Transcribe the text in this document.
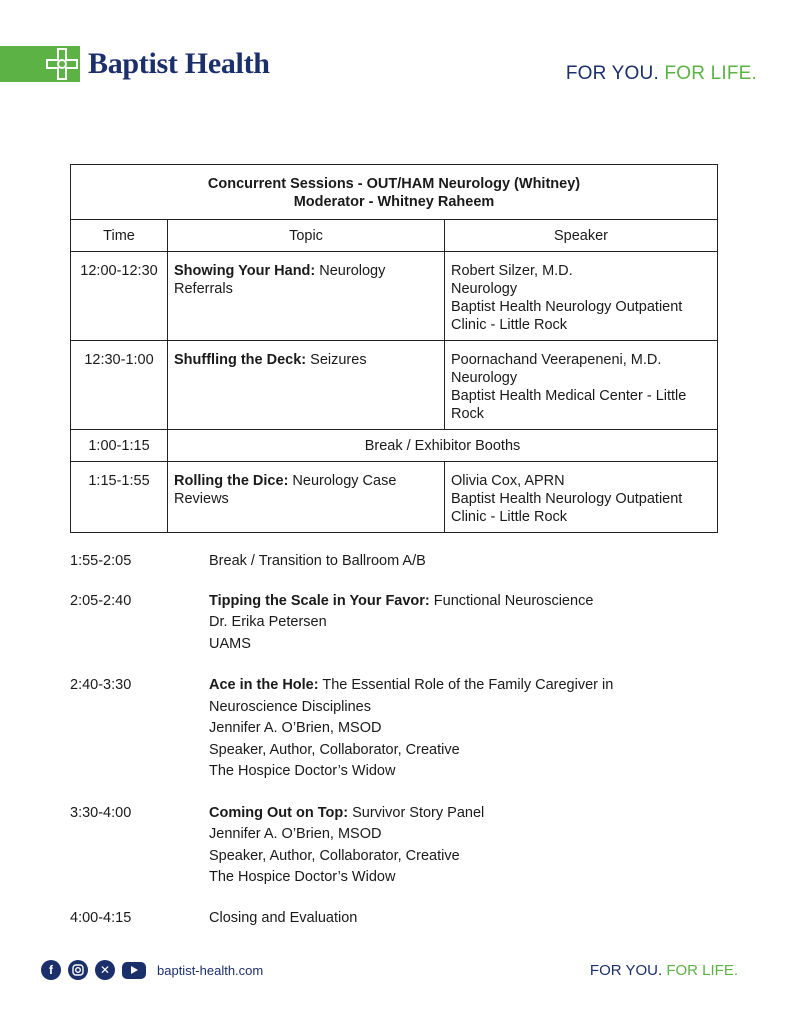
Baptist Health	FOR YOU. FOR LIFE.
Concurrent Sessions - OUT/HAM Neurology (Whitney)
Moderator - Whitney Raheem		

Time	Topic	Speaker
12:00-12:30	Showing Your Hand: Neurology Referrals	Robert Silzer, M.D.
Neurology
Baptist Health Neurology Outpatient
Clinic - Little Rock

12:30-1:00	Shuffling the Deck: Seizures	Poornachand Veerapeneni, M.D.
Neurology
Baptist Health Medical Center - Little
Rock

1:00-1:15	Break / Exhibitor Booths	
1:15-1:55	Rolling the Dice: Neurology Case Reviews	Olivia Cox, APRN
Baptist Health Neurology Outpatient
Clinic - Little Rock
1:55-2:05	Break / Transition to Ballroom A/B
2:05-2:40	Tipping the Scale in Your Favor: Functional Neuroscience
Dr. Erika Petersen
UAMS
2:40-3:30	Ace in the Hole: The Essential Role of the Family Caregiver in Neuroscience Disciplines
Jennifer A. O’Brien, MSOD
Speaker, Author, Collaborator, Creative
The Hospice Doctor’s Widow
3:30-4:00	Coming Out on Top: Survivor Story Panel
Jennifer A. O’Brien, MSOD
Speaker, Author, Collaborator, Creative
The Hospice Doctor’s Widow
4:00-4:15	Closing and Evaluation
f	✕	baptist-health.com	FOR YOU. FOR LIFE.
